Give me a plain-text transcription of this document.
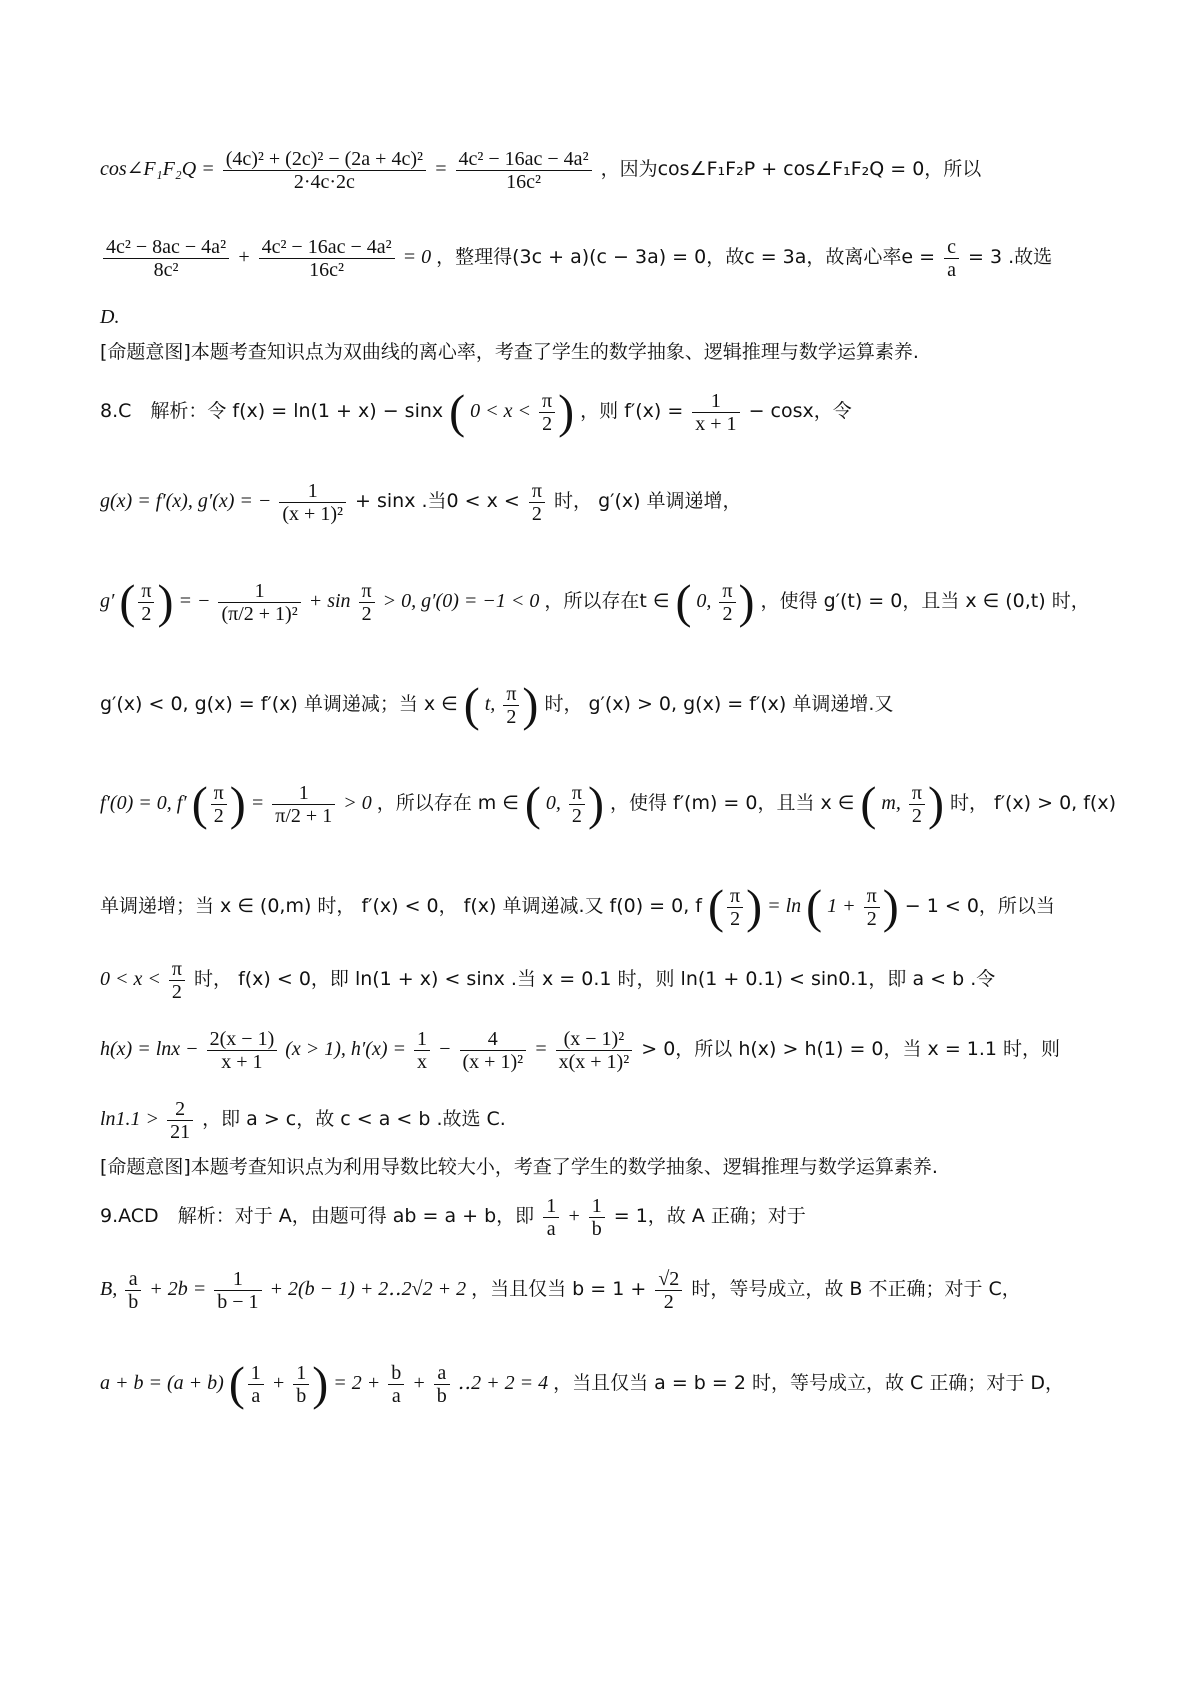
cos∠F₁F₂Q = $\frac{\text{(4c)² + (2c)² − (2a + 4c)²}}{2\cdot 4c\cdot 2c} = \frac{\text{4c² − 16ac − 4a²}}{\text{16c²}}$ ，因为cos∠F₁F₂P + cos∠F₁F₂Q = 0，所以
$\frac{\text{4c² − 8ac − 4a²}}{\text{8c²}} + \frac{\text{4c² − 16ac − 4a²}}{\text{16c²}} = 0$ ，整理得(3c + a)(c − 3a) = 0，故c = 3a，故离心率$e = \frac{c}{a} = 3$ .故选
D.
[命题意图]本题考查知识点为双曲线的离心率，考查了学生的数学抽象、逻辑推理与数学运算素养.
8.C　解析：令 f(x) = ln(1 + x) − sinx ( $0 < x < \frac{\pi}{2}$ ) ，则 $f'(x) = \frac{1}{x + 1} - \cos x$，令
g(x) = f′(x), g′(x) = − $\frac{1}{\text{(x + 1)²}} + \sin x$ .当$0 < x < \frac{\pi}{2}$ 时， g′(x) 单调递增，
g′ ( $\frac{\pi}{2}$ ) = − $\frac{1}{\text{(π/2 + 1)²}} + \sin \frac{\pi}{2} > 0$, g′(0) = −1 < 0 ，所以存在t ∈ ( 0, $\frac{\pi}{2}$ ) ，使得 g′(t) = 0，且当 x ∈ (0,t) 时，
g′(x) < 0, g(x) = f′(x) 单调递减；当 x ∈ ( t, $\frac{\pi}{2}$ ) 时， g′(x) > 0, g(x) = f′(x) 单调递增.又
f′(0) = 0, f′ ( $\frac{\pi}{2}$ ) = $\frac{1}{\pi/2 + 1} > 0$ ，所以存在 m ∈ ( 0, $\frac{\pi}{2}$ ) ，使得 f′(m) = 0，且当 x ∈ ( m, $\frac{\pi}{2}$ ) 时， f′(x) > 0, f(x)
单调递增；当 x ∈ (0,m) 时， f′(x) < 0， f(x) 单调递减.又 f(0) = 0, f ( $\frac{\pi}{2}$ ) = ln ( $1 + \frac{\pi}{2}$ ) − 1 < 0，所以当
$0 < x < \frac{\pi}{2}$ 时， f(x) < 0，即 ln(1 + x) < sinx .当 x = 0.1 时，则 ln(1 + 0.1) < sin0.1，即 a < b .令
$h(x) = \ln x - \frac{2(x - 1)}{x + 1} (x > 1)$, $h'(x) = \frac{1}{x} - \frac{4}{\text{(x + 1)²}} = \frac{\text{(x − 1)²}}{\text{x(x + 1)²}} > 0$，所以 h(x) > h(1) = 0，当 x = 1.1 时，则
$\ln 1.1 > \frac{2}{21}$ ，即 a > c，故 c < a < b .故选 C.
[命题意图]本题考查知识点为利用导数比较大小，考查了学生的数学抽象、逻辑推理与数学运算素养.
9.ACD　解析：对于 A，由题可得 ab = a + b，即 $\frac{1}{a} + \frac{1}{b} = 1$，故 A 正确；对于
B, $\frac{a}{b} + 2b = \frac{1}{b - 1} + 2(b - 1)$ + 2‥2√2 + 2 ，当且仅当 $b = 1 + \frac{√2}{2}$ 时，等号成立，故 B 不正确；对于 C，
a + b = (a + b) ( $\frac{1}{a} + \frac{1}{b}$ ) = $2 + \frac{b}{a} + \frac{a}{b}$ ‥2 + 2 = 4 ，当且仅当 a = b = 2 时，等号成立，故 C 正确；对于 D，
